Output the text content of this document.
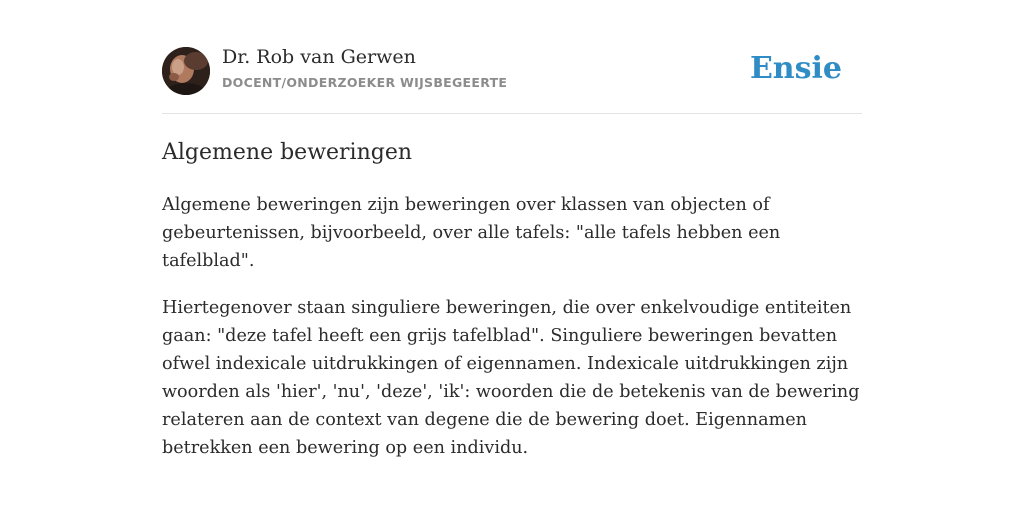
Dr. Rob van Gerwen
DOCENT/ONDERZOEKER WIJSBEGEERTE	Ensie
Algemene beweringen

Algemene beweringen zijn beweringen over klassen van objecten of gebeurtenissen, bijvoorbeeld, over alle tafels: "alle tafels hebben een tafelblad".

Hiertegenover staan singuliere beweringen, die over enkelvoudige entiteiten gaan: "deze tafel heeft een grijs tafelblad". Singuliere beweringen bevatten ofwel indexicale uitdrukkingen of eigennamen. Indexicale uitdrukkingen zijn woorden als 'hier', 'nu', 'deze', 'ik': woorden die de betekenis van de bewering relateren aan de context van degene die de bewering doet. Eigennamen betrekken een bewering op een individu.
